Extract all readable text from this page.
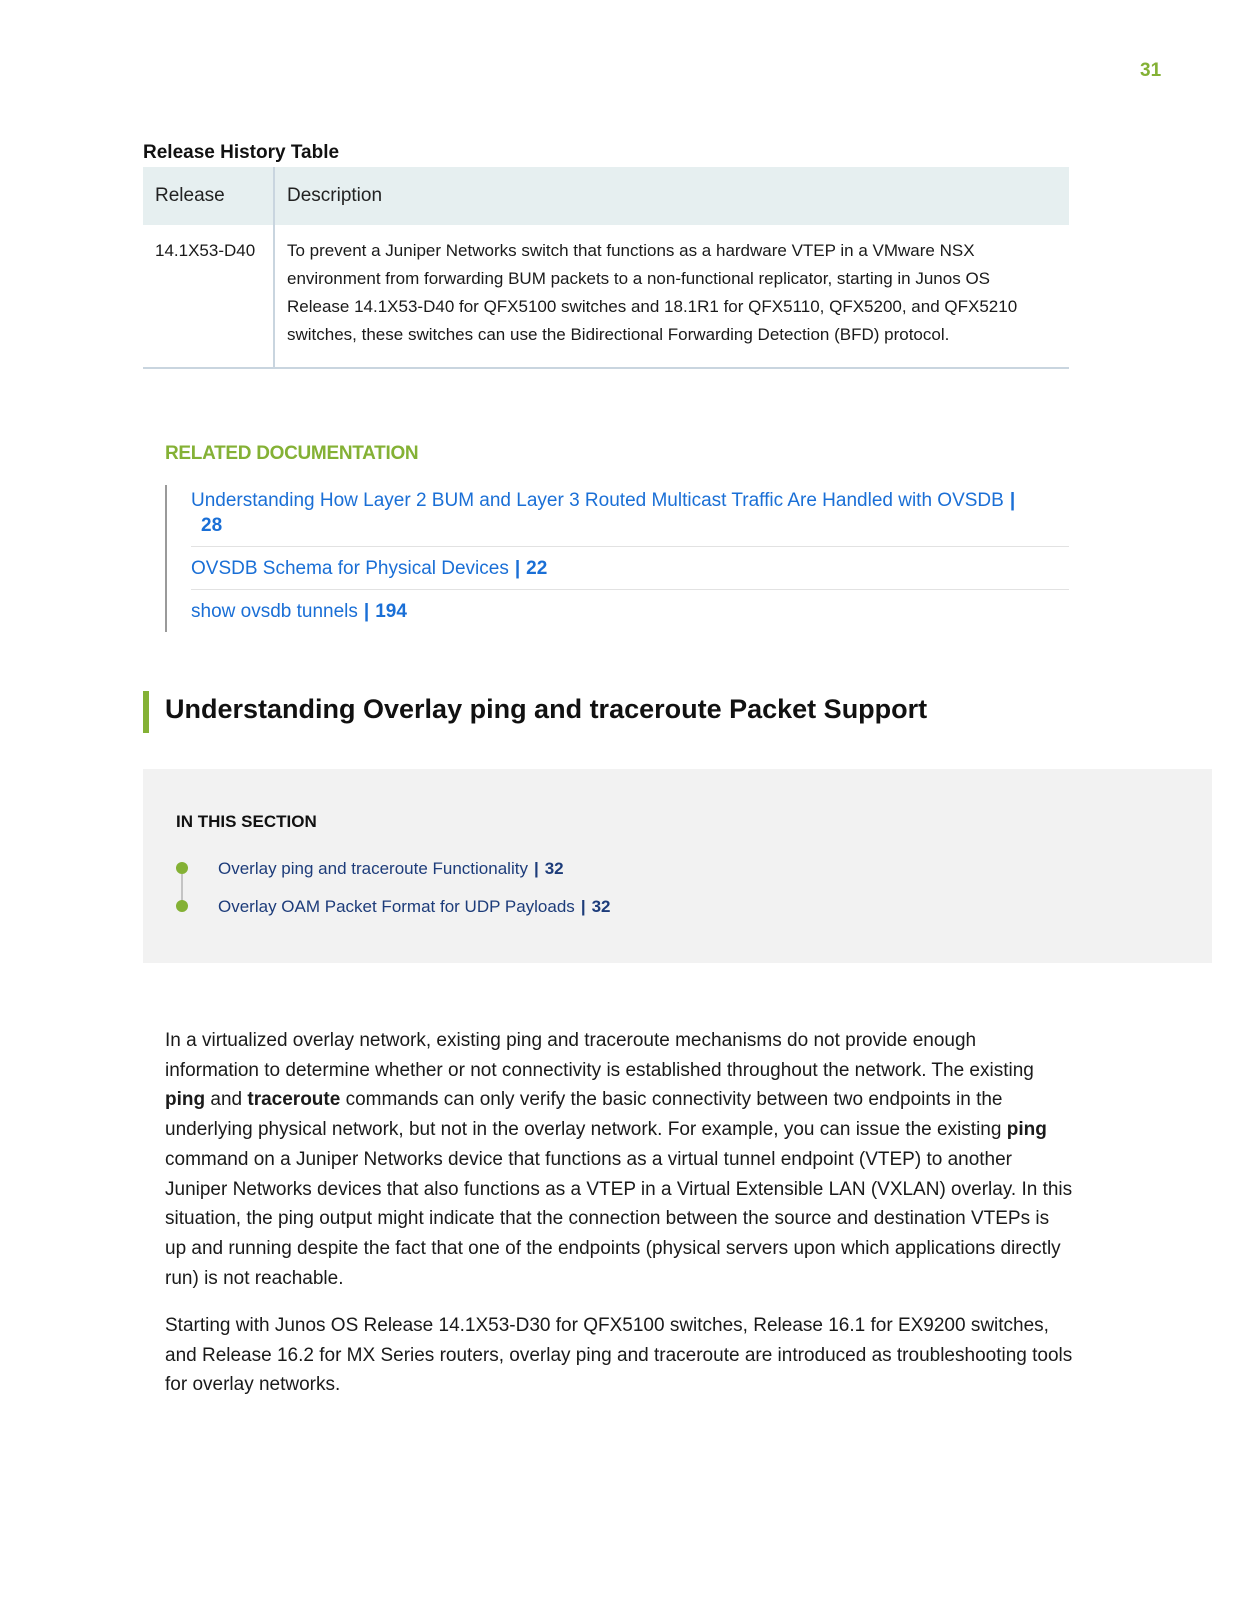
31
Release History Table
Release	Description
14.1X53-D40	To prevent a Juniper Networks switch that functions as a hardware VTEP in a VMware NSX environment from forwarding BUM packets to a non-functional replicator, starting in Junos OS Release 14.1X53-D40 for QFX5100 switches and 18.1R1 for QFX5110, QFX5200, and QFX5210 switches, these switches can use the Bidirectional Forwarding Detection (BFD) protocol.
RELATED DOCUMENTATION
Understanding How Layer 2 BUM and Layer 3 Routed Multicast Traffic Are Handled with OVSDB |
28
OVSDB Schema for Physical Devices | 22
show ovsdb tunnels | 194
Understanding Overlay ping and traceroute Packet Support
IN THIS SECTION
Overlay ping and traceroute Functionality | 32
Overlay OAM Packet Format for UDP Payloads | 32

In a virtualized overlay network, existing ping and traceroute mechanisms do not provide enough information to determine whether or not connectivity is established throughout the network. The existing ping and traceroute commands can only verify the basic connectivity between two endpoints in the underlying physical network, but not in the overlay network. For example, you can issue the existing ping command on a Juniper Networks device that functions as a virtual tunnel endpoint (VTEP) to another Juniper Networks devices that also functions as a VTEP in a Virtual Extensible LAN (VXLAN) overlay. In this situation, the ping output might indicate that the connection between the source and destination VTEPs is up and running despite the fact that one of the endpoints (physical servers upon which applications directly run) is not reachable.

Starting with Junos OS Release 14.1X53-D30 for QFX5100 switches, Release 16.1 for EX9200 switches, and Release 16.2 for MX Series routers, overlay ping and traceroute are introduced as troubleshooting tools for overlay networks.
